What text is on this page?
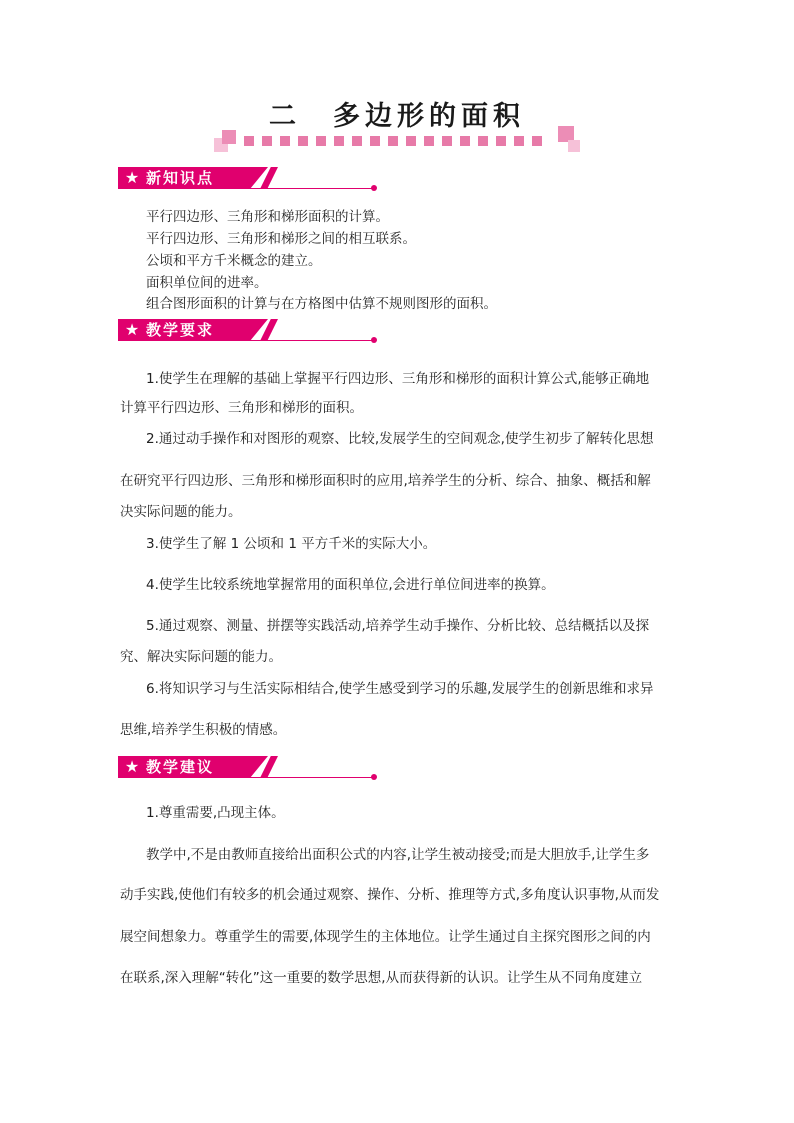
二　多边形的面积
★ 新知识点
平行四边形、三角形和梯形面积的计算。
平行四边形、三角形和梯形之间的相互联系。
公顷和平方千米概念的建立。
面积单位间的进率。
组合图形面积的计算与在方格图中估算不规则图形的面积。
★ 教学要求
1.使学生在理解的基础上掌握平行四边形、三角形和梯形的面积计算公式,能够正确地
计算平行四边形、三角形和梯形的面积。
2.通过动手操作和对图形的观察、比较,发展学生的空间观念,使学生初步了解转化思想
在研究平行四边形、三角形和梯形面积时的应用,培养学生的分析、综合、抽象、概括和解
决实际问题的能力。
3.使学生了解 1 公顷和 1 平方千米的实际大小。
4.使学生比较系统地掌握常用的面积单位,会进行单位间进率的换算。
5.通过观察、测量、拼摆等实践活动,培养学生动手操作、分析比较、总结概括以及探
究、解决实际问题的能力。
6.将知识学习与生活实际相结合,使学生感受到学习的乐趣,发展学生的创新思维和求异
思维,培养学生积极的情感。
★ 教学建议
1.尊重需要,凸现主体。
教学中,不是由教师直接给出面积公式的内容,让学生被动接受;而是大胆放手,让学生多
动手实践,使他们有较多的机会通过观察、操作、分析、推理等方式,多角度认识事物,从而发
展空间想象力。尊重学生的需要,体现学生的主体地位。让学生通过自主探究图形之间的内
在联系,深入理解“转化”这一重要的数学思想,从而获得新的认识。让学生从不同角度建立
